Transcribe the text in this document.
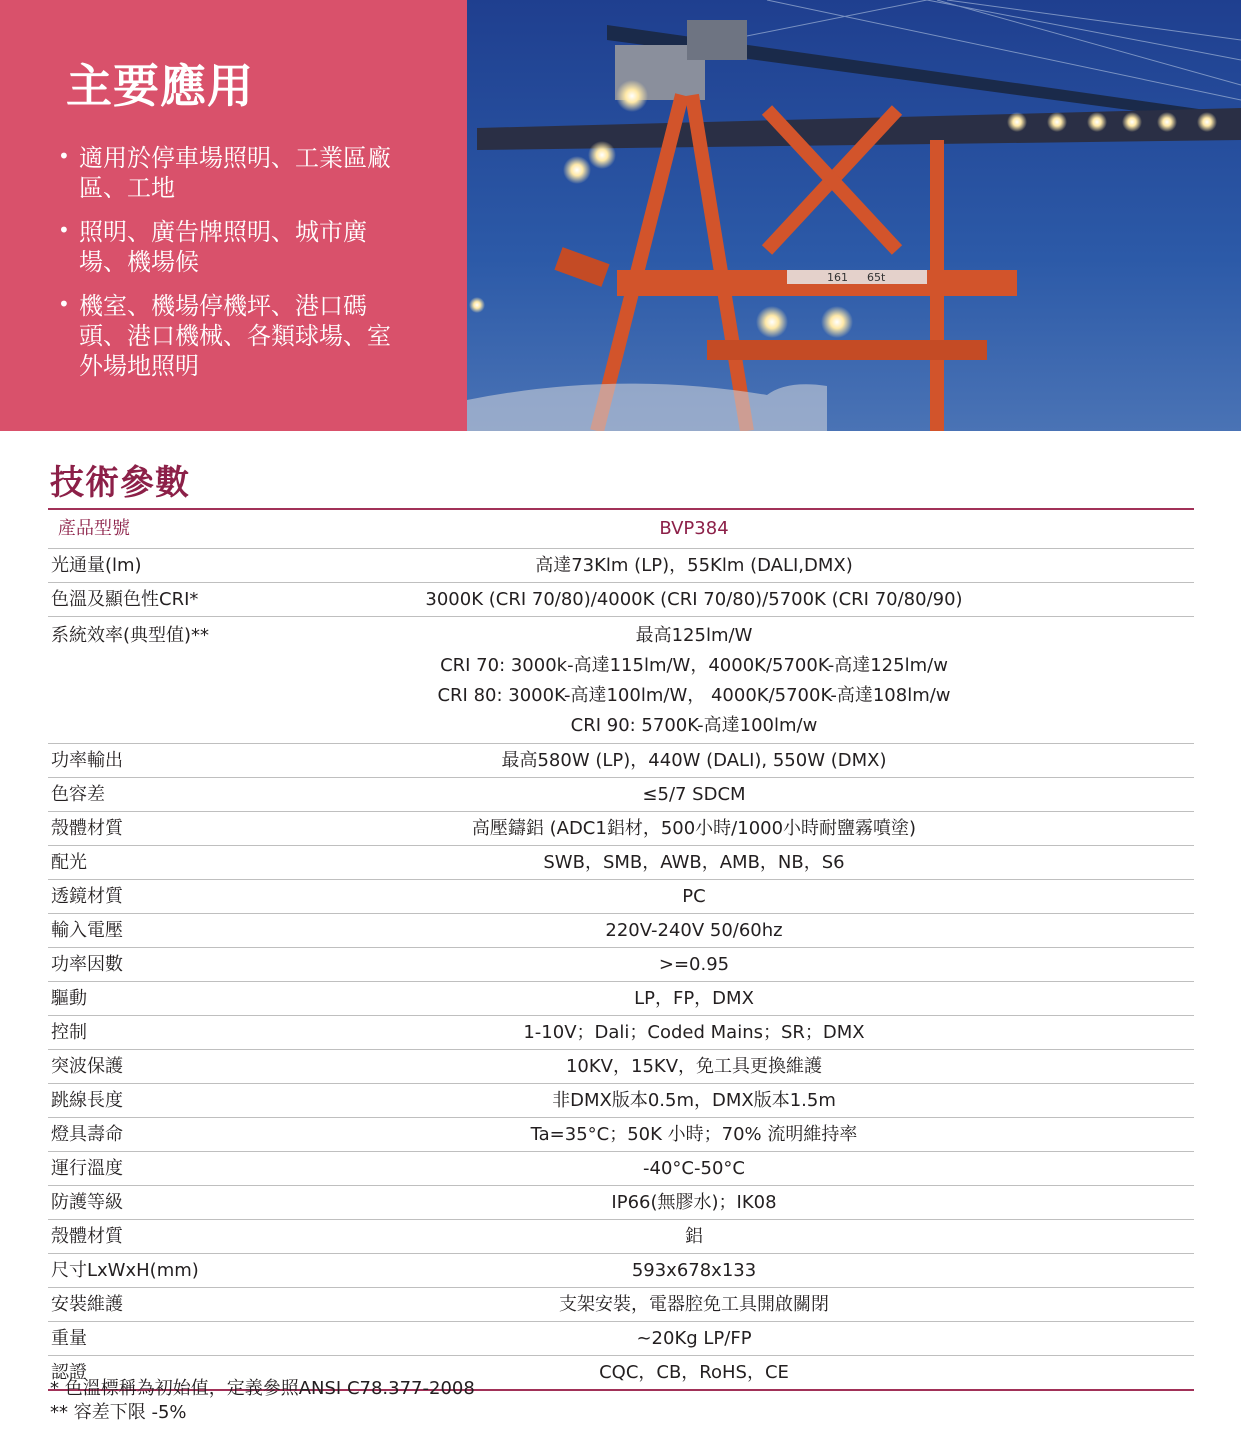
主要應用
• 適用於停車場照明、工業區廠區、工地
• 照明、廣告牌照明、城市廣場、機場候
• 機室、機場停機坪、港口碼頭、港口機械、各類球場、室外場地照明
161 65t
技術參數
產品型號	BVP384
光通量(lm)	高達73Klm (LP)，55Klm (DALI,DMX)
色溫及顯色性CRI*	3000K (CRI 70/80)/4000K (CRI 70/80)/5700K (CRI 70/80/90)
系統效率(典型值)**	最高125lm/W
CRI 70: 3000k-高達115lm/W，4000K/5700K-高達125lm/w
CRI 80: 3000K-高達100lm/W， 4000K/5700K-高達108lm/w
CRI 90: 5700K-高達100lm/w

功率輸出	最高580W (LP)，440W (DALI), 550W (DMX)
色容差	≤5/7 SDCM
殼體材質	高壓鑄鋁 (ADC1鋁材，500小時/1000小時耐鹽霧噴塗)
配光	SWB，SMB，AWB，AMB，NB，S6
透鏡材質	PC
輸入電壓	220V-240V 50/60hz
功率因數	>=0.95
驅動	LP，FP，DMX
控制	1-10V；Dali；Coded Mains；SR；DMX
突波保護	10KV，15KV，免工具更換維護
跳線長度	非DMX版本0.5m，DMX版本1.5m
燈具壽命	Ta=35°C；50K 小時；70% 流明維持率
運行溫度	-40°C-50°C
防護等級	IP66(無膠水)；IK08
殼體材質	鋁
尺寸LxWxH(mm)	593x678x133
安裝維護	支架安裝，電器腔免工具開啟關閉
重量	~20Kg LP/FP
認證	CQC，CB，RoHS，CE
* 色溫標稱為初始值，定義參照ANSI C78.377-2008
** 容差下限 -5%
